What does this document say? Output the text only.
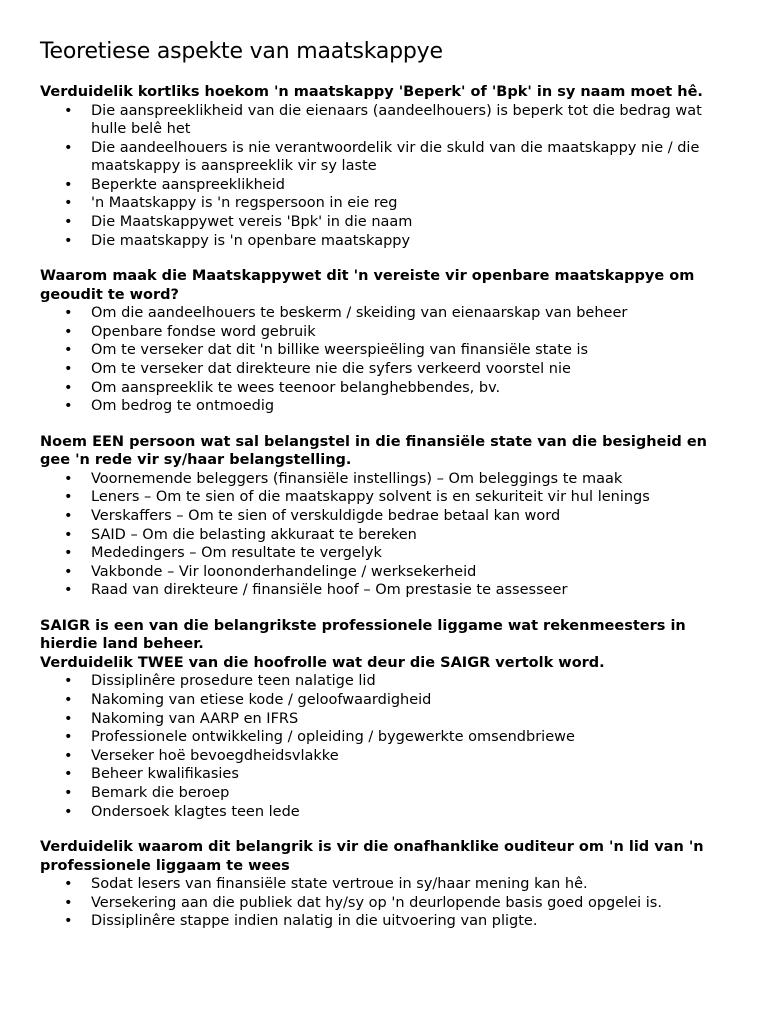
Teoretiese aspekte van maatskappye

Verduidelik kortliks hoekom 'n maatskappy 'Beperk' of 'Bpk' in sy naam moet hê.

• Die aanspreeklikheid van die eienaars (aandeelhouers) is beperk tot die bedrag wat hulle belê het
• Die aandeelhouers is nie verantwoordelik vir die skuld van die maatskappy nie / die maatskappy is aanspreeklik vir sy laste
• Beperkte aanspreeklikheid
• 'n Maatskappy is 'n regspersoon in eie reg
• Die Maatskappywet vereis 'Bpk' in die naam
• Die maatskappy is 'n openbare maatskappy

Waarom maak die Maatskappywet dit 'n vereiste vir openbare maatskappye om geoudit te word?

• Om die aandeelhouers te beskerm / skeiding van eienaarskap van beheer
• Openbare fondse word gebruik
• Om te verseker dat dit 'n billike weerspieëling van finansiële state is
• Om te verseker dat direkteure nie die syfers verkeerd voorstel nie
• Om aanspreeklik te wees teenoor belanghebbendes, bv.
• Om bedrog te ontmoedig

Noem EEN persoon wat sal belangstel in die finansiële state van die besigheid en gee 'n rede vir sy/haar belangstelling.

• Voornemende beleggers (finansiële instellings) – Om beleggings te maak
• Leners – Om te sien of die maatskappy solvent is en sekuriteit vir hul lenings
• Verskaffers – Om te sien of verskuldigde bedrae betaal kan word
• SAID – Om die belasting akkuraat te bereken
• Mededingers – Om resultate te vergelyk
• Vakbonde – Vir loononderhandelinge / werksekerheid
• Raad van direkteure / finansiële hoof – Om prestasie te assesseer

SAIGR is een van die belangrikste professionele liggame wat rekenmeesters in hierdie land beheer.

Verduidelik TWEE van die hoofrolle wat deur die SAIGR vertolk word.

• Dissiplinêre prosedure teen nalatige lid
• Nakoming van etiese kode / geloofwaardigheid
• Nakoming van AARP en IFRS
• Professionele ontwikkeling / opleiding / bygewerkte omsendbriewe
• Verseker hoë bevoegdheidsvlakke
• Beheer kwalifikasies
• Bemark die beroep
• Ondersoek klagtes teen lede

Verduidelik waarom dit belangrik is vir die onafhanklike ouditeur om 'n lid van 'n professionele liggaam te wees

• Sodat lesers van finansiële state vertroue in sy/haar mening kan hê.
• Versekering aan die publiek dat hy/sy op 'n deurlopende basis goed opgelei is.
• Dissiplinêre stappe indien nalatig in die uitvoering van pligte.
